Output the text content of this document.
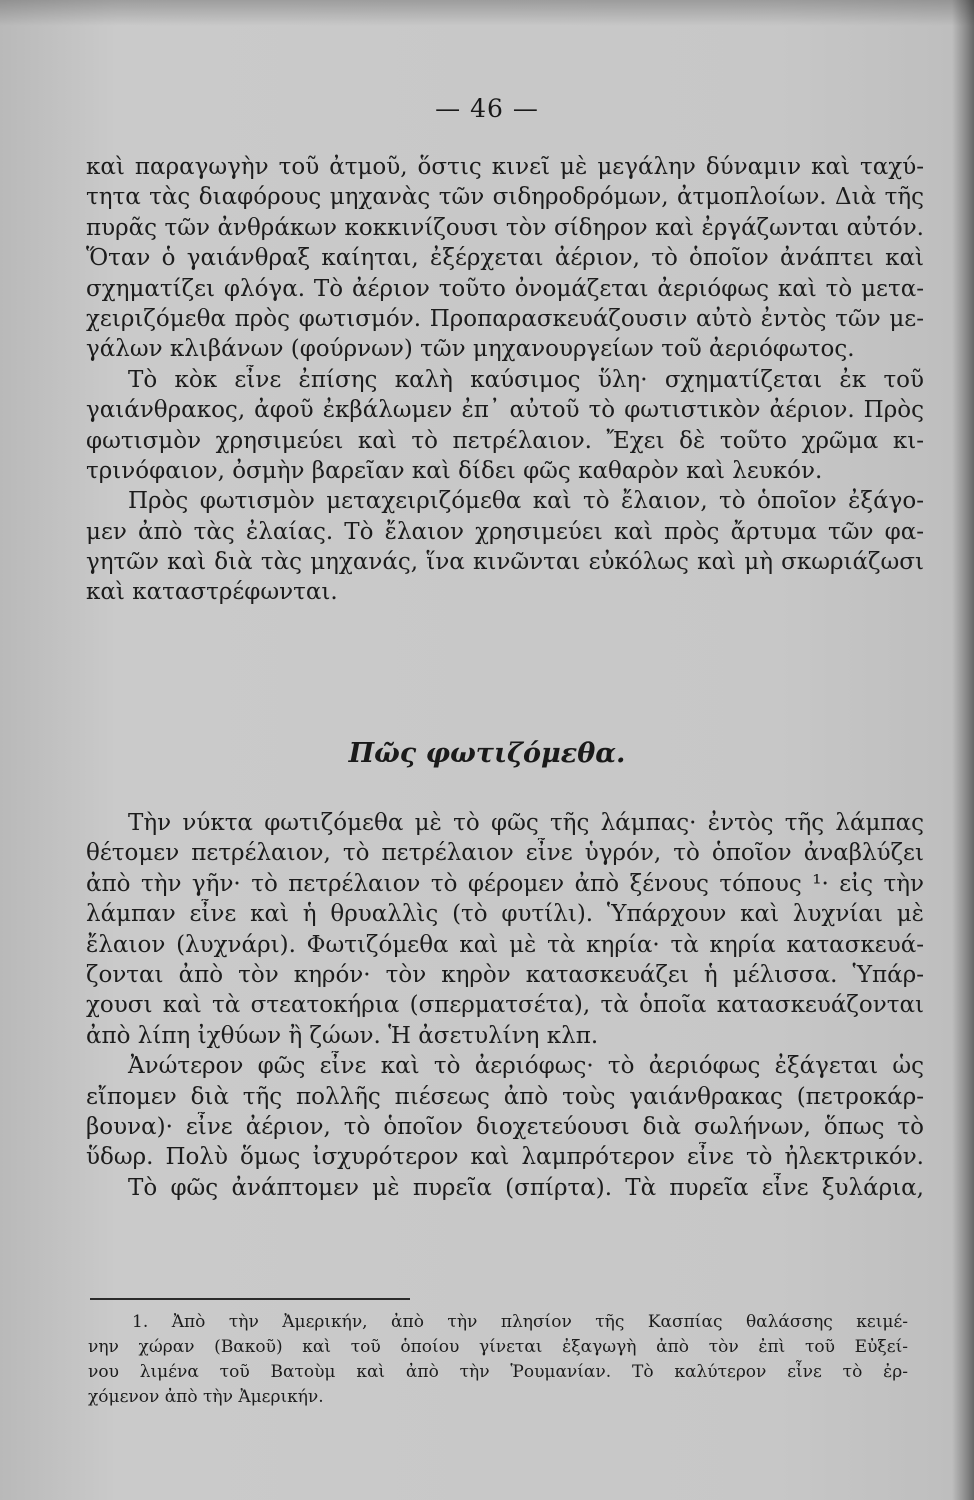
— 46 —
καὶ παραγωγὴν τοῦ ἀτμοῦ, ὅστις κινεῖ μὲ μεγάλην δύναμιν καὶ ταχύ-
τητα τὰς διαφόρους μηχανὰς τῶν σιδηροδρόμων, ἀτμοπλοίων. Διὰ τῆς
πυρᾶς τῶν ἀνθράκων κοκκινίζουσι τὸν σίδηρον καὶ ἐργάζωνται αὐτόν.
Ὅταν ὁ γαιάνθραξ καίηται, ἐξέρχεται ἀέριον, τὸ ὁποῖον ἀνάπτει καὶ
σχηματίζει φλόγα. Τὸ ἀέριον τοῦτο ὀνομάζεται ἀεριόφως καὶ τὸ μετα-
χειριζόμεθα πρὸς φωτισμόν. Προπαρασκευάζουσιν αὐτὸ ἐντὸς τῶν με-
γάλων κλιβάνων (φούρνων) τῶν μηχανουργείων τοῦ ἀεριόφωτος.
Τὸ κὸκ εἶνε ἐπίσης καλὴ καύσιμος ὕλη· σχηματίζεται ἐκ τοῦ
γαιάνθρακος, ἀφοῦ ἐκβάλωμεν ἐπ᾽ αὐτοῦ τὸ φωτιστικὸν ἀέριον. Πρὸς
φωτισμὸν χρησιμεύει καὶ τὸ πετρέλαιον. Ἔχει δὲ τοῦτο χρῶμα κι-
τρινόφαιον, ὀσμὴν βαρεῖαν καὶ δίδει φῶς καθαρὸν καὶ λευκόν.
Πρὸς φωτισμὸν μεταχειριζόμεθα καὶ τὸ ἔλαιον, τὸ ὁποῖον ἐξάγο-
μεν ἀπὸ τὰς ἐλαίας. Τὸ ἔλαιον χρησιμεύει καὶ πρὸς ἄρτυμα τῶν φα-
γητῶν καὶ διὰ τὰς μηχανάς, ἵνα κινῶνται εὐκόλως καὶ μὴ σκωριάζωσι
καὶ καταστρέφωνται.
Πῶς φωτιζόμεθα.
Τὴν νύκτα φωτιζόμεθα μὲ τὸ φῶς τῆς λάμπας· ἐντὸς τῆς λάμπας
θέτομεν πετρέλαιον, τὸ πετρέλαιον εἶνε ὑγρόν, τὸ ὁποῖον ἀναβλύζει
ἀπὸ τὴν γῆν· τὸ πετρέλαιον τὸ φέρομεν ἀπὸ ξένους τόπους ¹· εἰς τὴν
λάμπαν εἶνε καὶ ἡ θρυαλλὶς (τὸ φυτίλι). Ὑπάρχουν καὶ λυχνίαι μὲ
ἔλαιον (λυχνάρι). Φωτιζόμεθα καὶ μὲ τὰ κηρία· τὰ κηρία κατασκευά-
ζονται ἀπὸ τὸν κηρόν· τὸν κηρὸν κατασκευάζει ἡ μέλισσα. Ὑπάρ-
χουσι καὶ τὰ στεατοκήρια (σπερματσέτα), τὰ ὁποῖα κατασκευάζονται
ἀπὸ λίπη ἰχθύων ἢ ζώων. Ἡ ἀσετυλίνη κλπ.
Ἀνώτερον φῶς εἶνε καὶ τὸ ἀεριόφως· τὸ ἀεριόφως ἐξάγεται ὡς
εἴπομεν διὰ τῆς πολλῆς πιέσεως ἀπὸ τοὺς γαιάνθρακας (πετροκάρ-
βουνα)· εἶνε ἀέριον, τὸ ὁποῖον διοχετεύουσι διὰ σωλήνων, ὅπως τὸ
ὕδωρ. Πολὺ ὅμως ἰσχυρότερον καὶ λαμπρότερον εἶνε τὸ ἠλεκτρικόν.
Τὸ φῶς ἀνάπτομεν μὲ πυρεῖα (σπίρτα). Τὰ πυρεῖα εἶνε ξυλάρια,
1. Ἀπὸ τὴν Ἀμερικήν, ἀπὸ τὴν πλησίον τῆς Κασπίας θαλάσσης κειμέ-
νην χώραν (Βακοῦ) καὶ τοῦ ὁποίου γίνεται ἐξαγωγὴ ἀπὸ τὸν ἐπὶ τοῦ Εὐξεί-
νου λιμένα τοῦ Βατοὺμ καὶ ἀπὸ τὴν Ῥουμανίαν. Τὸ καλύτερον εἶνε τὸ ἐρ-
χόμενον ἀπὸ τὴν Ἀμερικήν.
